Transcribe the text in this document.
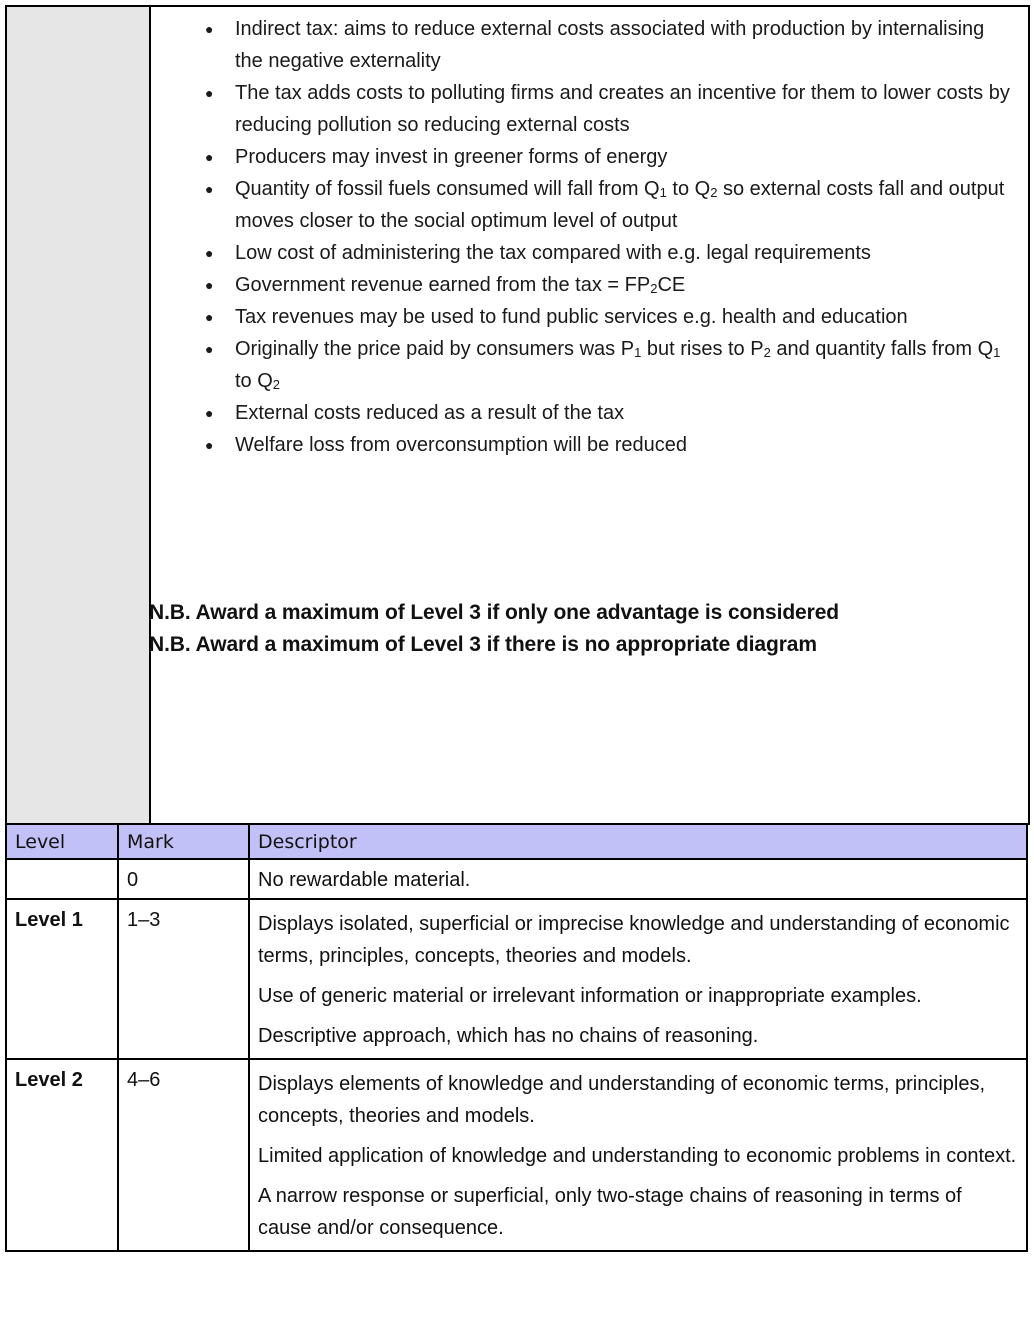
● Indirect tax: aims to reduce external costs associated with production by internalising the negative externality
● The tax adds costs to polluting firms and creates an incentive for them to lower costs by reducing pollution so reducing external costs
● Producers may invest in greener forms of energy
● Quantity of fossil fuels consumed will fall from $Q_1$ to $Q_2$ so external costs fall and output moves closer to the social optimum level of output
● Low cost of administering the tax compared with e.g. legal requirements
● Government revenue earned from the tax = $FP_2CE$
● Tax revenues may be used to fund public services e.g. health and education
● Originally the price paid by consumers was $P_1$ but rises to $P_2$ and quantity falls from $Q_1$ to $Q_2$
● External costs reduced as a result of the tax
● Welfare loss from overconsumption will be reduced
N.B. Award a maximum of Level 3 if only one advantage is considered
N.B. Award a maximum of Level 3 if there is no appropriate diagram
Level	Mark	Descriptor
	0	No rewardable material.

Level 1	1–3	Displays isolated, superficial or imprecise knowledge and understanding of economic terms, principles, concepts, theories and models.

Use of generic material or irrelevant information or inappropriate examples.

Descriptive approach, which has no chains of reasoning.

Level 2	4–6	Displays elements of knowledge and understanding of economic terms, principles, concepts, theories and models.

Limited application of knowledge and understanding to economic problems in context.

A narrow response or superficial, only two-stage chains of reasoning in terms of cause and/or consequence.
